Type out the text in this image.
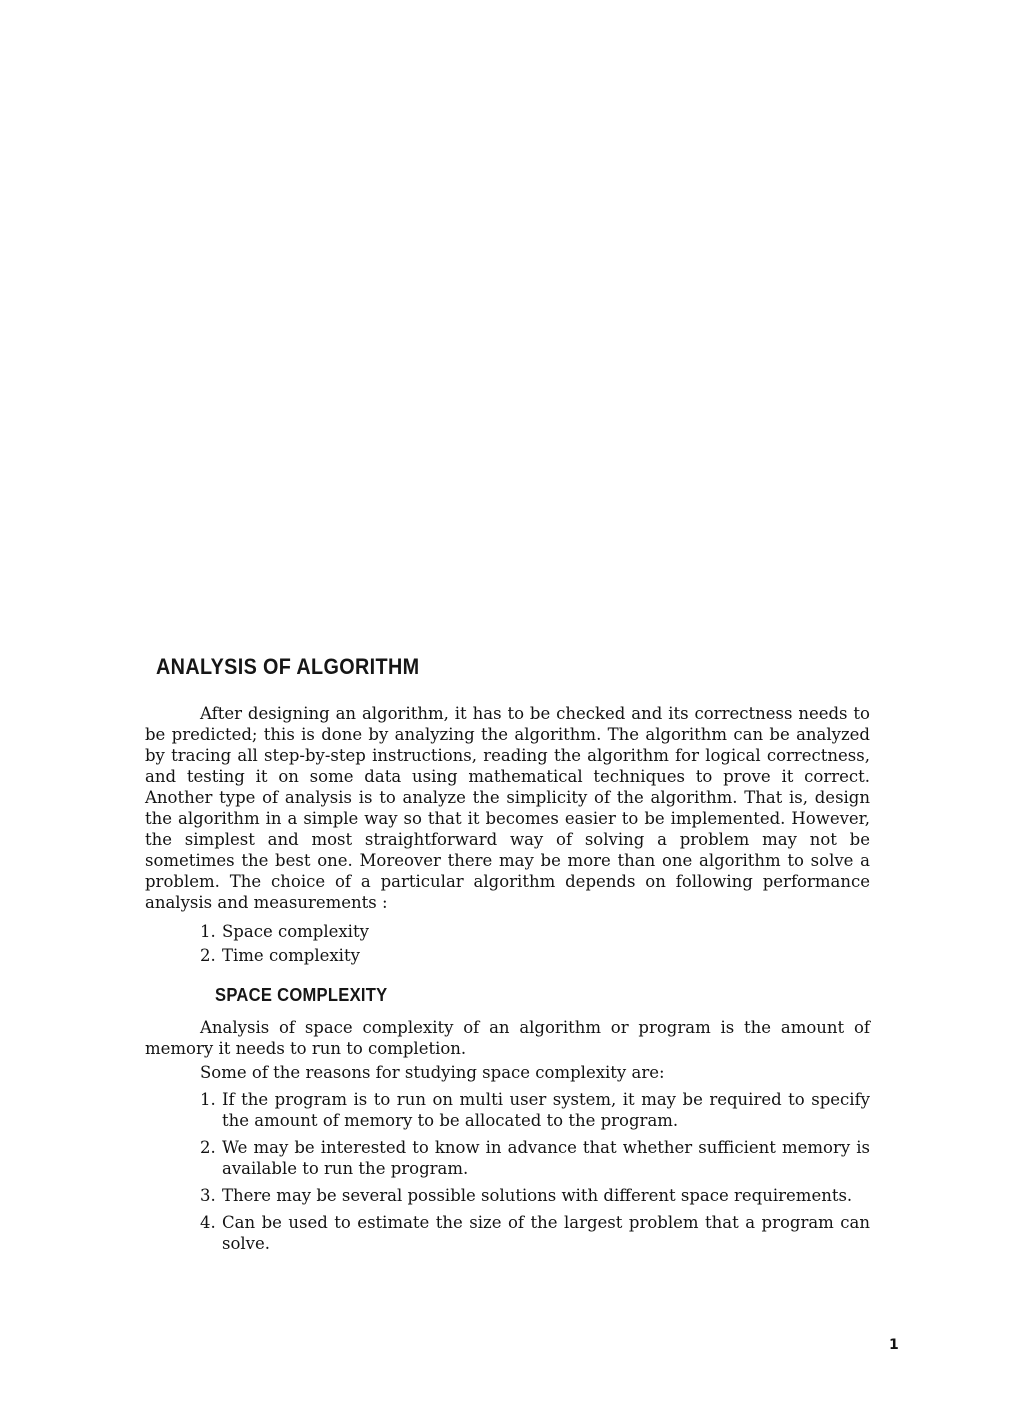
ANALYSIS OF ALGORITHM

After designing an algorithm, it has to be checked and its correctness needs to be predicted; this is done by analyzing the algorithm. The algorithm can be analyzed by tracing all step-by-step instructions, reading the algorithm for logical correctness, and testing it on some data using mathematical techniques to prove it correct. Another type of analysis is to analyze the simplicity of the algorithm. That is, design the algorithm in a simple way so that it becomes easier to be implemented. However, the simplest and most straightforward way of solving a problem may not be sometimes the best one. Moreover there may be more than one algorithm to solve a problem. The choice of a particular algorithm depends on following performance analysis and measurements :

1. Space complexity
2. Time complexity
SPACE COMPLEXITY

Analysis of space complexity of an algorithm or program is the amount of memory it needs to run to completion.

Some of the reasons for studying space complexity are:

1. If the program is to run on multi user system, it may be required to specify the amount of memory to be allocated to the program.
2. We may be interested to know in advance that whether sufficient memory is available to run the program.
3. There may be several possible solutions with different space requirements.
4. Can be used to estimate the size of the largest problem that a program can solve.
1
